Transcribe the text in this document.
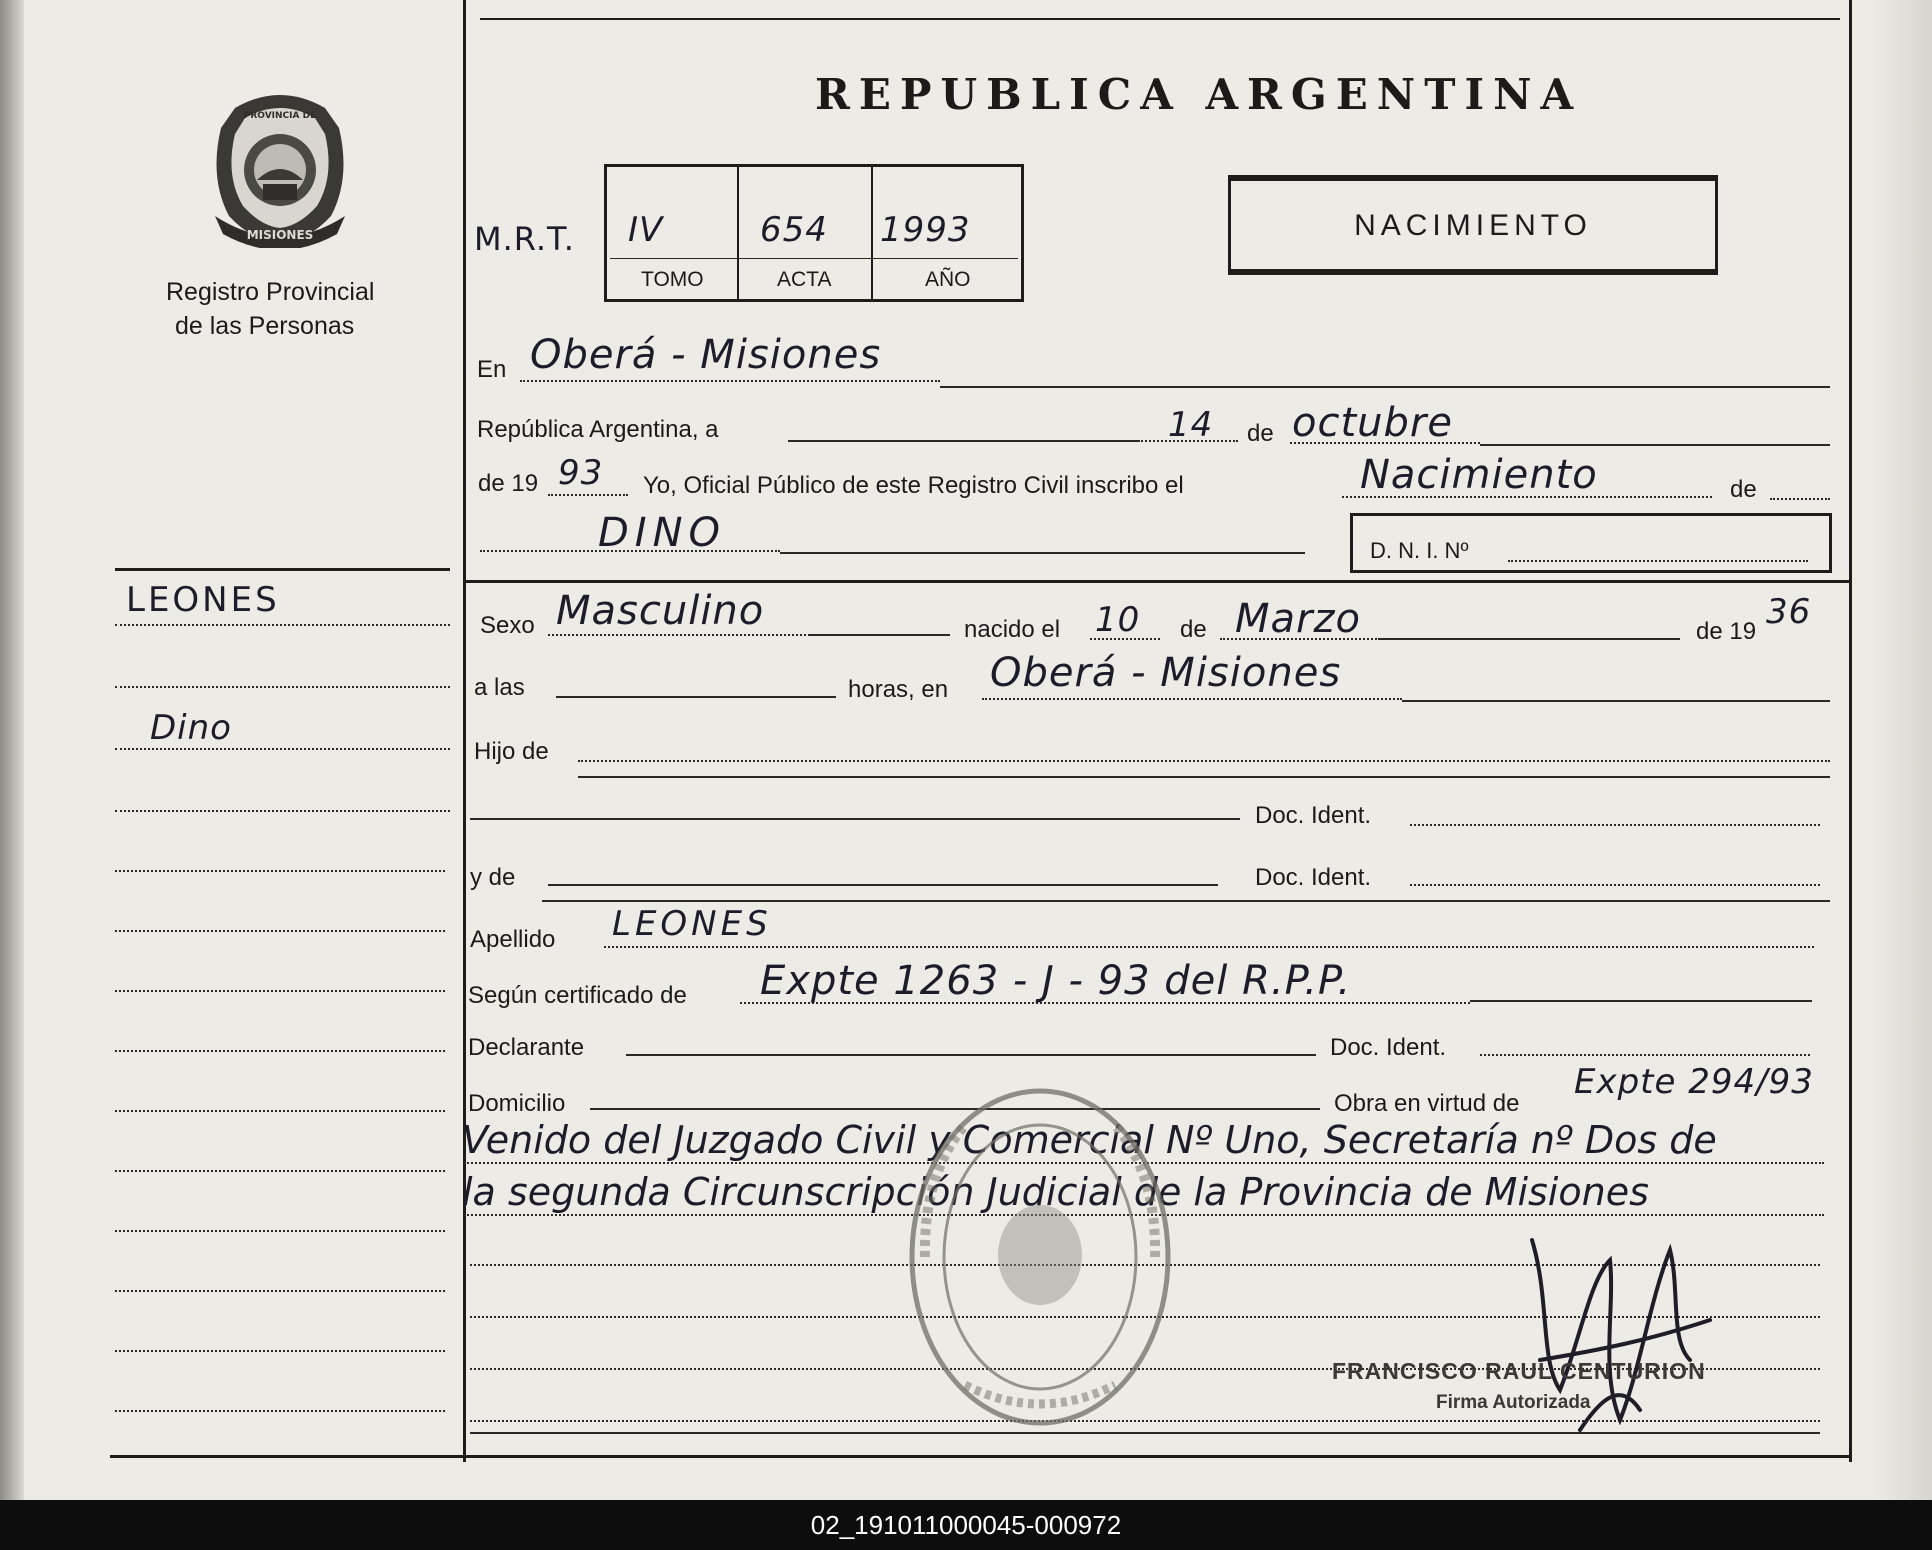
MISIONES
PROVINCIA DE
Registro Provincial
de las Personas
REPUBLICA ARGENTINA
M.R.T. IV	654 1993
TOMO	ACTA	AÑO
NACIMIENTO
En Oberá - Misiones
República Argentina, a	14 de octubre
de 19 93 Yo, Oficial Público de este Registro Civil inscribo el	Nacimiento	de
DINO	D. N. I. Nº
Sexo Masculino	nacido el 10 de Marzo	de 19 36
a las	horas, en Oberá - Misiones
Hijo de
Doc. Ident.
y de	Doc. Ident.
Apellido LEONES
Según certificado de Expte 1263 - J - 93 del R.P.P.
Declarante	Doc. Ident.
Domicilio	Obra en virtud de
Expte 294/93
Venido del Juzgado Civil y Comercial Nº Uno, Secretaría nº Dos de
la segunda Circunscripción Judicial de la Provincia de Misiones
FRANCISCO RAUL CENTURION
Firma Autorizada
LEONES
Dino
02_191011000045-000972
